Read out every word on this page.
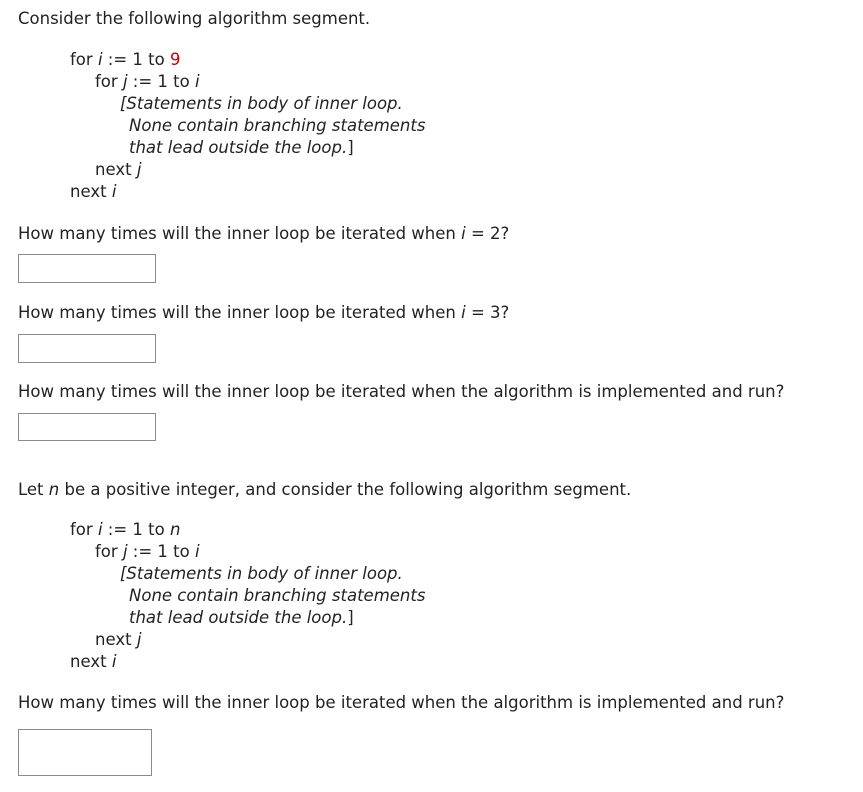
Consider the following algorithm segment.
for i := 1 to 9
for j := 1 to i
[Statements in body of inner loop.
None contain branching statements
that lead outside the loop.]
next j
next i
How many times will the inner loop be iterated when i = 2?
How many times will the inner loop be iterated when i = 3?
How many times will the inner loop be iterated when the algorithm is implemented and run?
Let n be a positive integer, and consider the following algorithm segment.
for i := 1 to n
for j := 1 to i
[Statements in body of inner loop.
None contain branching statements
that lead outside the loop.]
next j
next i
How many times will the inner loop be iterated when the algorithm is implemented and run?
